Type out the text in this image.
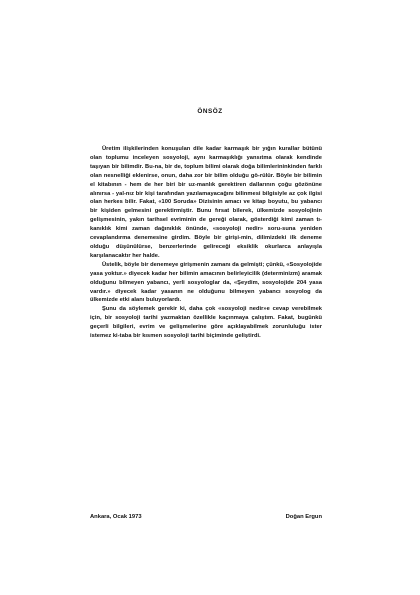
ÖNSÖZ

Üretim ilişkilerinden konuşulan dile kadar karmaşık bir yığın kurallar bütünü olan toplumu inceleyen sosyoloji, aynı karmaşıklığı yansıtma olarak kendinde taşıyan bir bilimdir. Bu-na, bir de, toplum bilimi olarak doğa bilimlerininkinden farklı olan nesnelliği eklenirse, onun, daha zor bir bilim olduğu gö-rülür. Böyle bir bilimin el kitabının - hem de her biri bir uz-manlık gerektiren dallarının çoğu gözönüne alınırsa - yal-nız bir kişi tarafından yazılamayacağını bilinmesi bilgisiyle az çok ilgisi olan herkes bilir. Fakat, «100 Soruda» Dizisinin amacı ve kitap boyutu, bu yabancı bir kişiden gelmesini gerektirmiştir. Bunu fırsat bilerek, ülkemizde sosyolojinin gelişmesinin, yakın tarihsel evriminin de gereği olarak, gösterdiği kimi zaman tı-kanıklık kimi zaman dağınıklık önünde, «sosyoloji nedir» soru-suna yeniden cevaplandırma denemesine girdim. Böyle bir girişi-min, dilimizdeki ilk deneme olduğu düşünülürse, benzerlerinde gelireceği eksiklik okurlarca anlayışla karşılanacaktır her halde.

Üstelik, böyle bir denemeye girişmenin zamanı da gelmişti; çünkü, «Sosyolojide yasa yoktur.» diyecek kadar her bilimin amacının belirleyicilik (determinizm) aramak olduğunu bilmeyen yabancı, yerli sosyologlar da, «Şeydim, sosyolojide 204 yasa vardır.» diyecek kadar yasanın ne olduğunu bilmeyen yabancı sosyolog da ülkemizde etki alanı buluyorlardı.

Şunu da söylemek gerekir ki, daha çok «sosyoloji nedir»e cevap verebilmek için, bir sosyoloji tarihi yazmaktan özellikle kaçınmaya çalıştım. Fakat, bugünkü geçerli bilgileri, evrim ve gelişmelerine göre açıklayabilmek zorunluluğu ister istemez ki-taba bir kısmen sosyoloji tarihi biçiminde geliştirdi.

Ankara, Ocak 1973	Doğan Ergun
